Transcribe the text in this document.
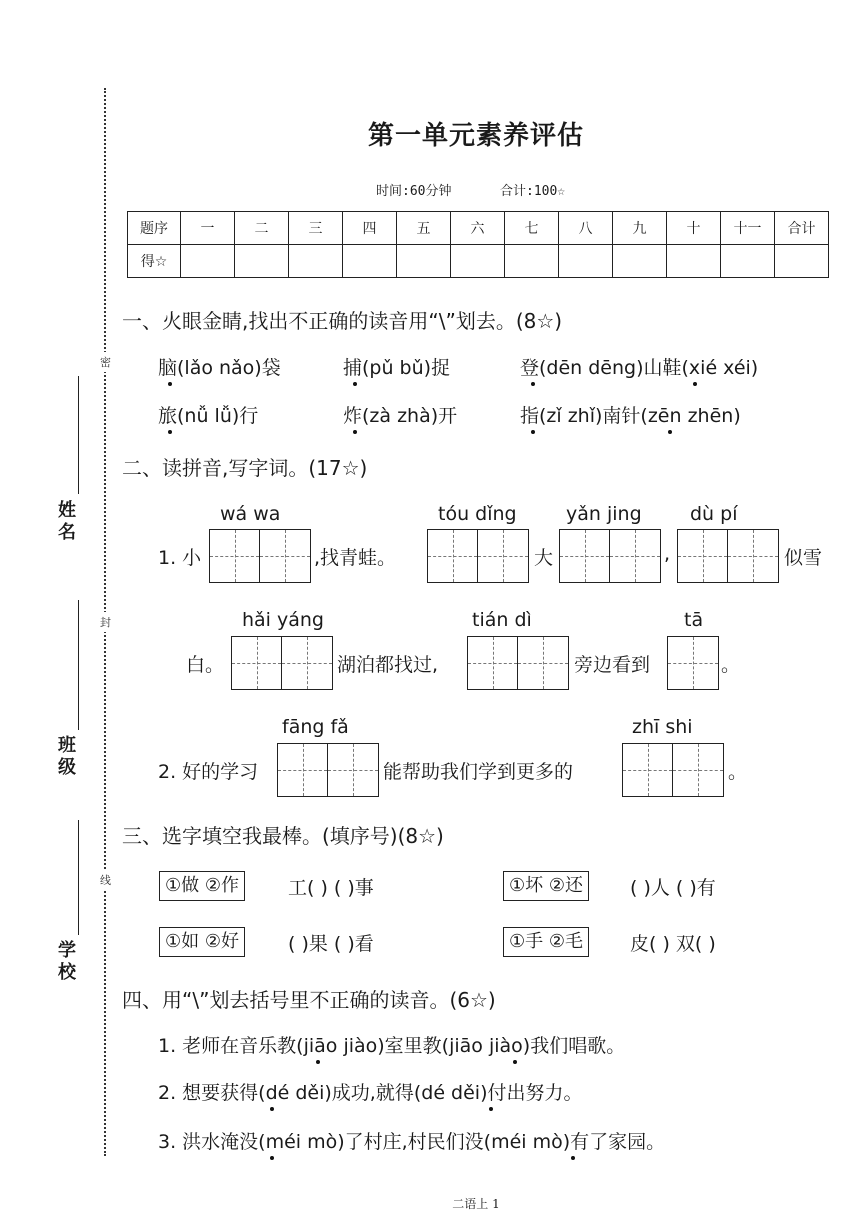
姓名
班级
学校
密
封
线
第一单元素养评估
时间:60分钟	合计:100☆
题序	一	二	三	四	五	六	七	八	九	十	十一	合计
得☆												
一、火眼金睛,找出不正确的读音用“\”划去。(8☆)
脑(lǎo nǎo)袋	捕(pǔ bǔ)捉	登(dēn dēng)山鞋(xié xéi)
旅(nǚ lǚ)行	炸(zà zhà)开	指(zǐ zhǐ)南针(zēn zhēn)
二、读拼音,写字词。(17☆)
wá wa	tóu dǐng	yǎn jing	dù pí
1. 小	,找青蛙。	大	,	似雪
hǎi yáng	tián dì	tā
白。	湖泊都找过,	旁边看到	。
fāng fǎ	zhī shi
2. 好的学习	能帮助我们学到更多的	。
三、选字填空我最棒。(填序号)(8☆)
①做 ②作	工( ) ( )事	①坏 ②还	( )人 ( )有
①如 ②好	( )果 ( )看	①手 ②毛	皮( ) 双( )
四、用“\”划去括号里不正确的读音。(6☆)
1. 老师在音乐教(jiāo jiào)室里教(jiāo jiào)我们唱歌。
2. 想要获得(dé děi)成功,就得(dé děi)付出努力。
3. 洪水淹没(méi mò)了村庄,村民们没(méi mò)有了家园。
二语上 1
